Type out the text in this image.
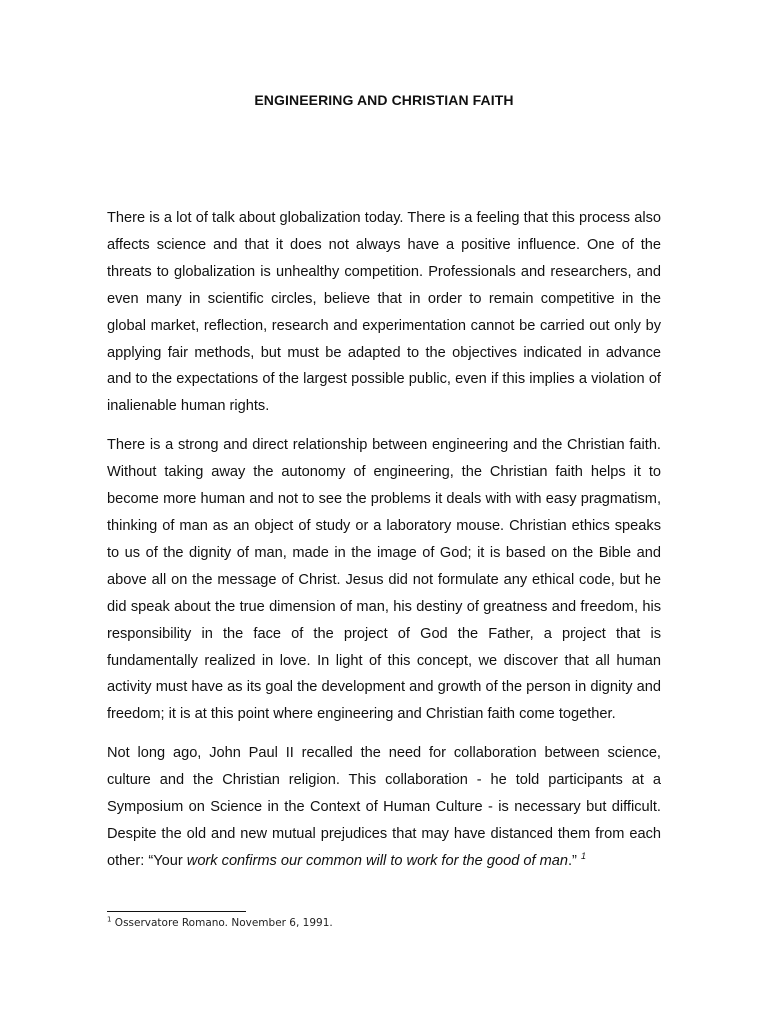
ENGINEERING AND CHRISTIAN FAITH

There is a lot of talk about globalization today. There is a feeling that this process also affects science and that it does not always have a positive influence. One of the threats to globalization is unhealthy competition. Professionals and researchers, and even many in scientific circles, believe that in order to remain competitive in the global market, reflection, research and experimentation cannot be carried out only by applying fair methods, but must be adapted to the objectives indicated in advance and to the expectations of the largest possible public, even if this implies a violation of inalienable human rights.

There is a strong and direct relationship between engineering and the Christian faith. Without taking away the autonomy of engineering, the Christian faith helps it to become more human and not to see the problems it deals with with easy pragmatism, thinking of man as an object of study or a laboratory mouse. Christian ethics speaks to us of the dignity of man, made in the image of God; it is based on the Bible and above all on the message of Christ. Jesus did not formulate any ethical code, but he did speak about the true dimension of man, his destiny of greatness and freedom, his responsibility in the face of the project of God the Father, a project that is fundamentally realized in love. In light of this concept, we discover that all human activity must have as its goal the development and growth of the person in dignity and freedom; it is at this point where engineering and Christian faith come together.

Not long ago, John Paul II recalled the need for collaboration between science, culture and the Christian religion. This collaboration - he told participants at a Symposium on Science in the Context of Human Culture - is necessary but difficult. Despite the old and new mutual prejudices that may have distanced them from each other: “Your work confirms our common will to work for the good of man.” $^1$

$^1$ Osservatore Romano. November 6, 1991.
